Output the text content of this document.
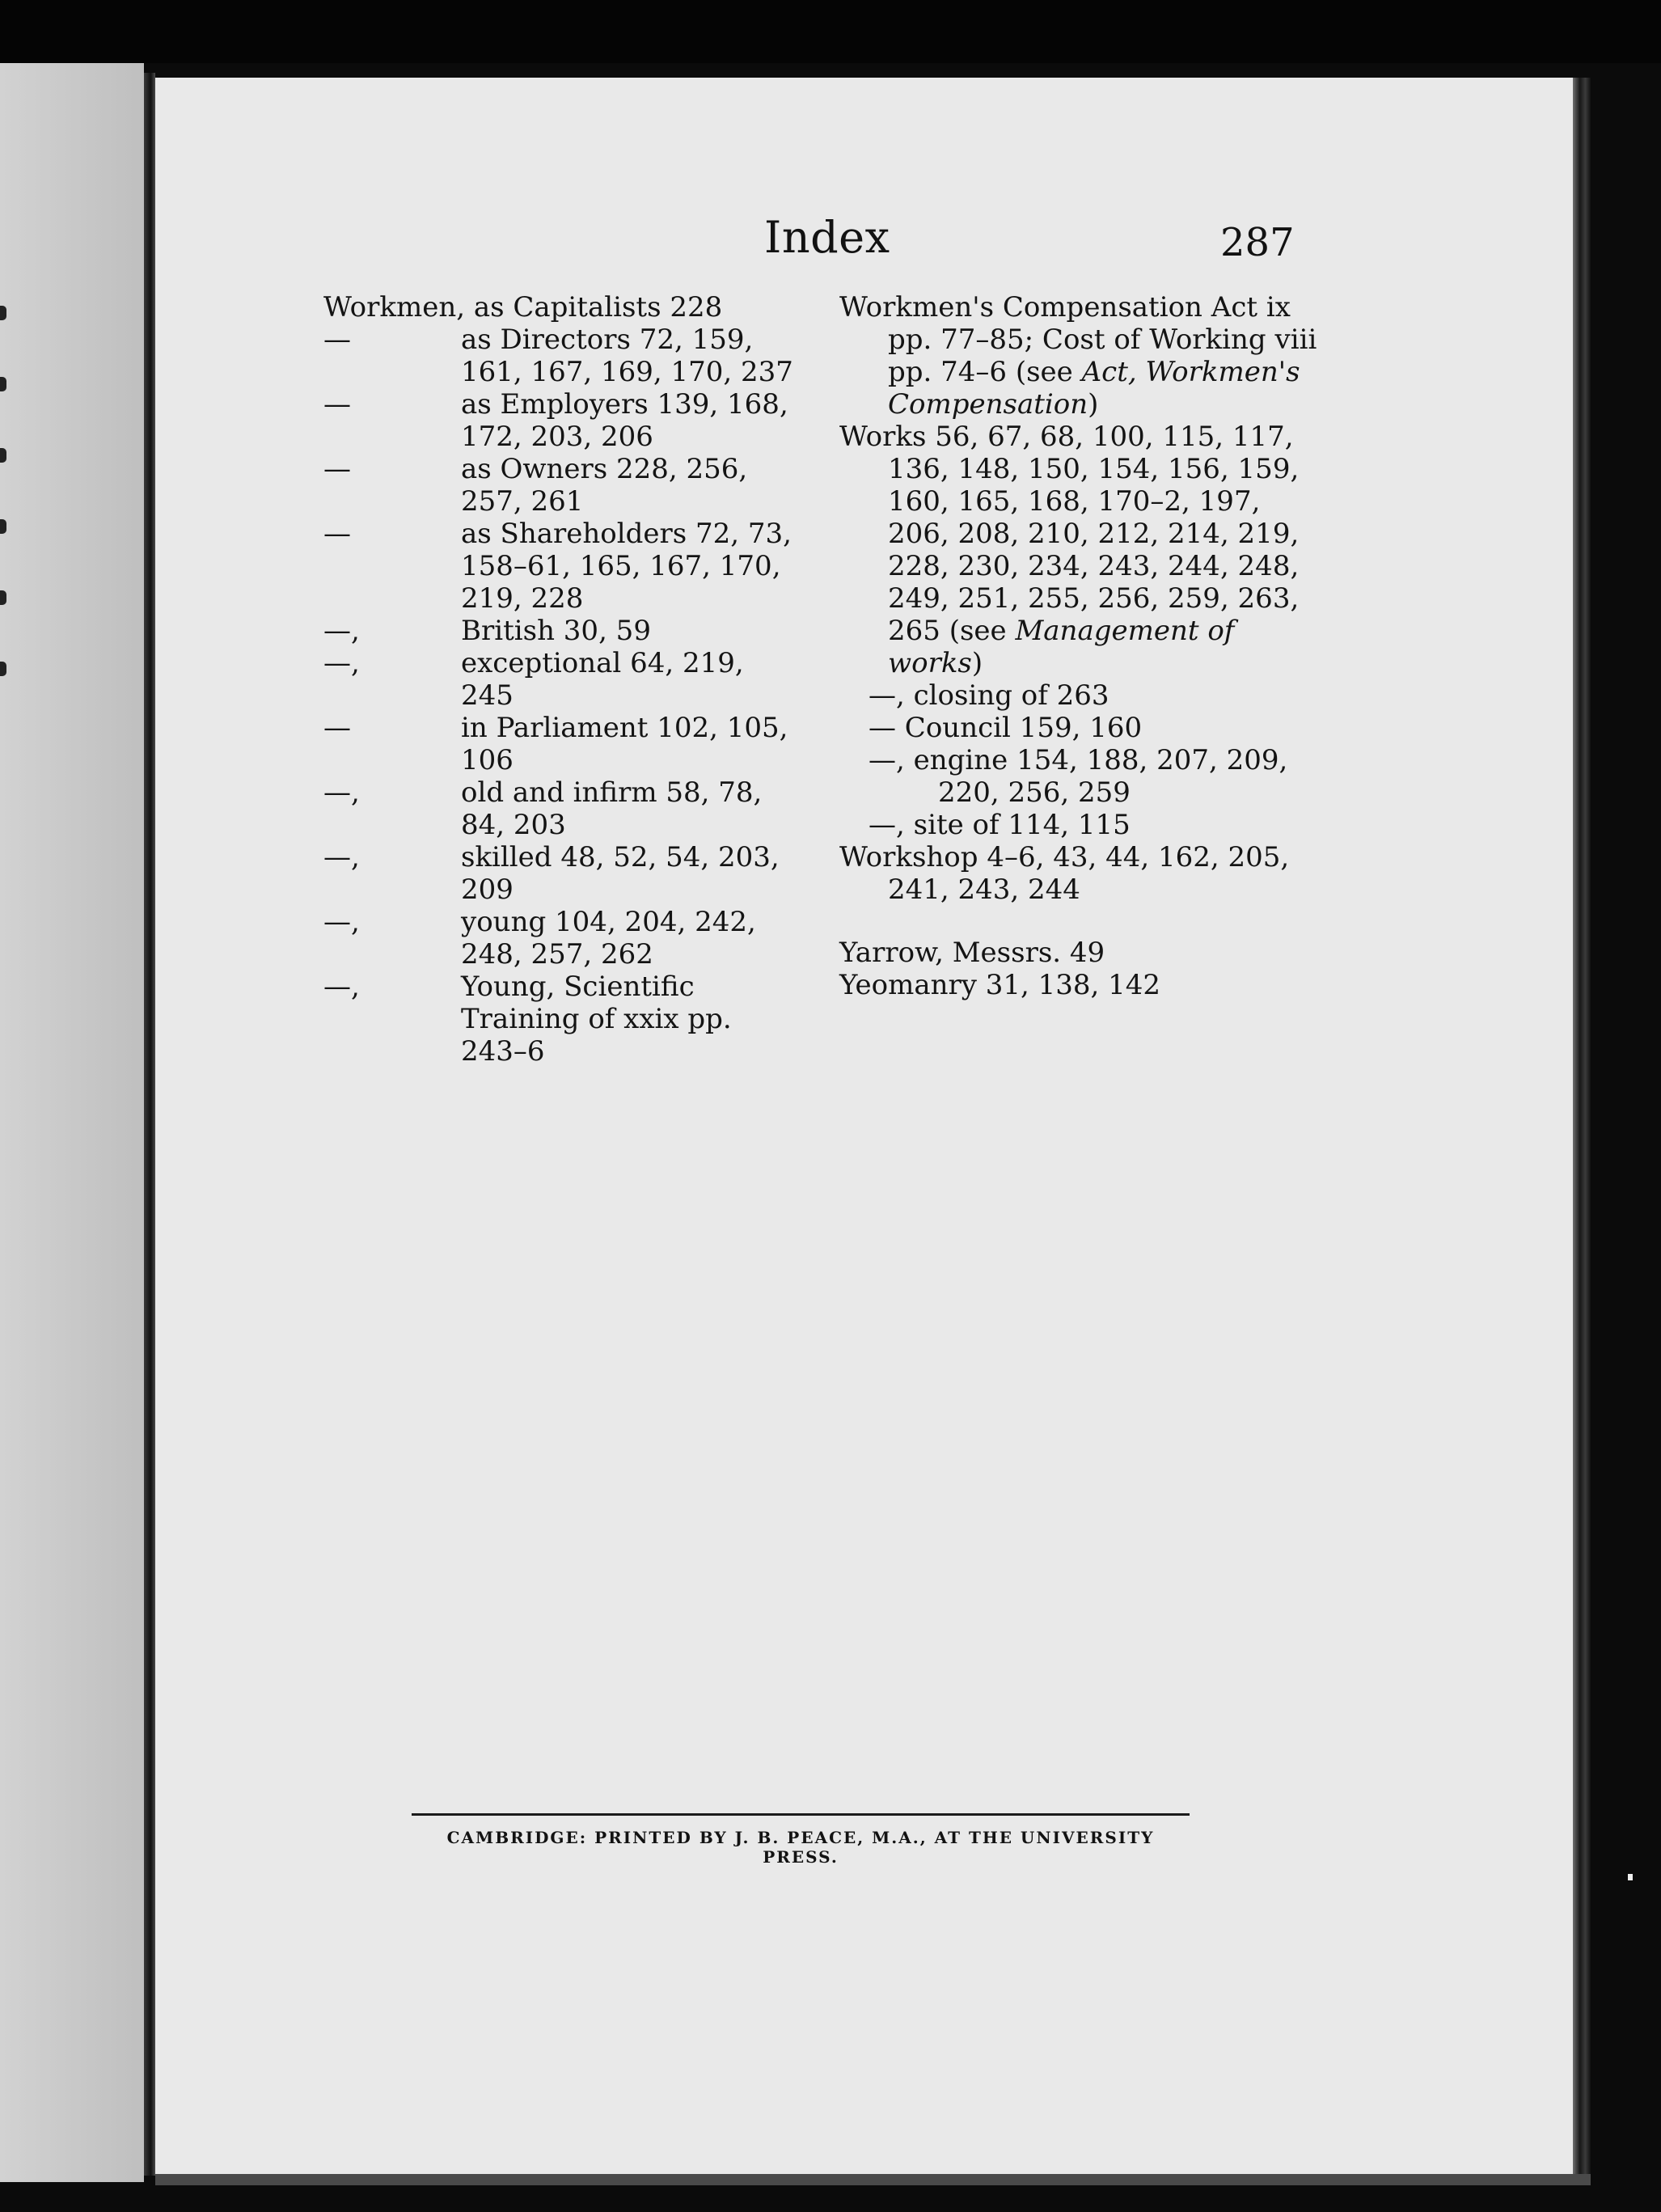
Index	287
Workmen, as Capitalists 228
—	as Directors 72, 159, 161, 167, 169, 170, 237
—	as Employers 139, 168, 172, 203, 206
—	as Owners 228, 256, 257, 261
—	as Shareholders 72, 73, 158–61, 165, 167, 170, 219, 228
—,	British 30, 59
—,	exceptional 64, 219, 245
—	in Parliament 102, 105, 106
—,	old and infirm 58, 78, 84, 203
—,	skilled 48, 52, 54, 203, 209
—,	young 104, 204, 242, 248, 257, 262
—,	Young, Scientific Training of xxix pp. 243–6
Workmen's Compensation Act ix pp. 77–85; Cost of Working viii pp. 74–6 (see Act, Workmen's Compensation)
Works 56, 67, 68, 100, 115, 117, 136, 148, 150, 154, 156, 159, 160, 165, 168, 170–2, 197, 206, 208, 210, 212, 214, 219, 228, 230, 234, 243, 244, 248, 249, 251, 255, 256, 259, 263, 265 (see Management of works)
—, closing of 263
— Council 159, 160
—, engine 154, 188, 207, 209, 220, 256, 259
—, site of 114, 115
Workshop 4–6, 43, 44, 162, 205, 241, 243, 244
Yarrow, Messrs. 49
Yeomanry 31, 138, 142
CAMBRIDGE: PRINTED BY J. B. PEACE, M.A., AT THE UNIVERSITY PRESS.
